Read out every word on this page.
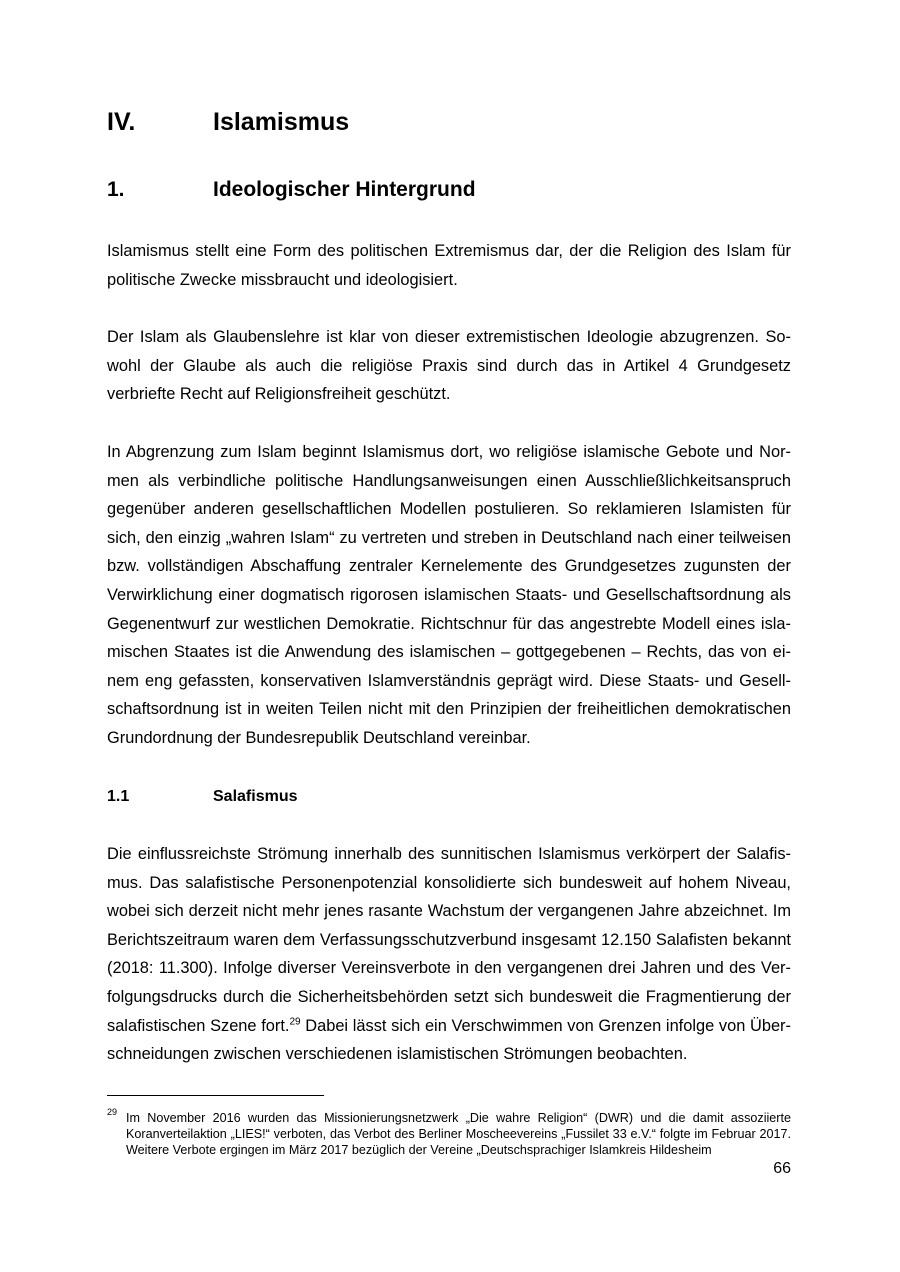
IV.	Islamismus
1.	Ideologischer Hintergrund

Islamismus stellt eine Form des politischen Extremismus dar, der die Religion des Islam für politische Zwecke missbraucht und ideologisiert.

Der Islam als Glaubenslehre ist klar von dieser extremistischen Ideologie abzugrenzen. Sowohl der Glaube als auch die religiöse Praxis sind durch das in Artikel 4 Grundgesetz verbriefte Recht auf Religionsfreiheit geschützt.

In Abgrenzung zum Islam beginnt Islamismus dort, wo religiöse islamische Gebote und Normen als verbindliche politische Handlungsanweisungen einen Ausschließlichkeitsanspruch gegenüber anderen gesellschaftlichen Modellen postulieren. So reklamieren Islamisten für sich, den einzig „wahren Islam“ zu vertreten und streben in Deutschland nach einer teilweisen bzw. vollständigen Abschaffung zentraler Kernelemente des Grundgesetzes zugunsten der Verwirklichung einer dogmatisch rigorosen islamischen Staats- und Gesellschaftsordnung als Gegenentwurf zur westlichen Demokratie. Richtschnur für das angestrebte Modell eines islamischen Staates ist die Anwendung des islamischen – gottgegebenen – Rechts, das von einem eng gefassten, konservativen Islamverständnis geprägt wird. Diese Staats- und Gesellschaftsordnung ist in weiten Teilen nicht mit den Prinzipien der freiheitlichen demokratischen Grundordnung der Bundesrepublik Deutschland vereinbar.

1.1	Salafismus

Die einflussreichste Strömung innerhalb des sunnitischen Islamismus verkörpert der Salafismus. Das salafistische Personenpotenzial konsolidierte sich bundesweit auf hohem Niveau, wobei sich derzeit nicht mehr jenes rasante Wachstum der vergangenen Jahre abzeichnet. Im Berichtszeitraum waren dem Verfassungsschutzverbund insgesamt 12.150 Salafisten bekannt (2018: 11.300). Infolge diverser Vereinsverbote in den vergangenen drei Jahren und des Verfolgungsdrucks durch die Sicherheitsbehörden setzt sich bundesweit die Fragmentierung der salafistischen Szene fort.$^{29}$ Dabei lässt sich ein Verschwimmen von Grenzen infolge von Überschneidungen zwischen verschiedenen islamistischen Strömungen beobachten.

29 Im November 2016 wurden das Missionierungsnetzwerk „Die wahre Religion“ (DWR) und die damit assoziierte Koranverteilaktion „LIES!“ verboten, das Verbot des Berliner Moscheevereins „Fussilet 33 e.V.“ folgte im Februar 2017. Weitere Verbote ergingen im März 2017 bezüglich der Vereine „Deutschsprachiger Islamkreis Hildesheim
66
